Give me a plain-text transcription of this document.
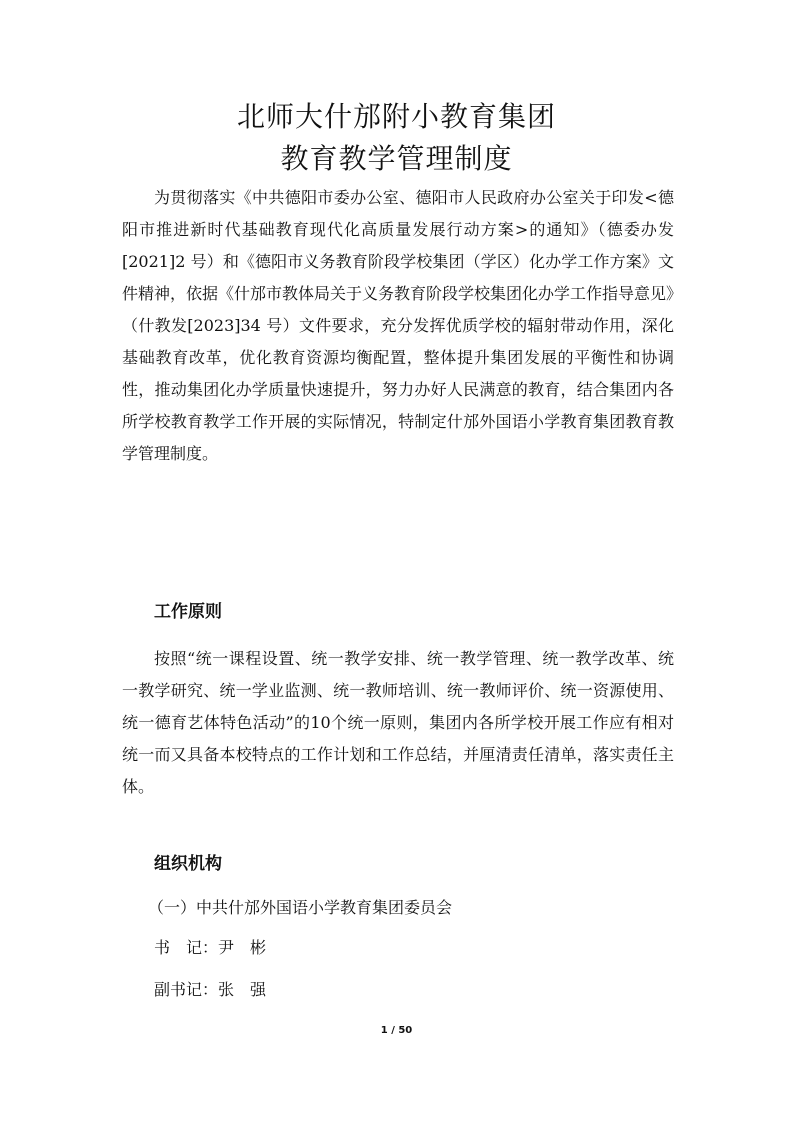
北师大什邡附小教育集团
教育教学管理制度

为贯彻落实《中共德阳市委办公室、德阳市人民政府办公室关于印发<德阳市推进新时代基础教育现代化高质量发展行动方案>的通知》（德委办发[2021]2 号）和《德阳市义务教育阶段学校集团（学区）化办学工作方案》文件精神，依据《什邡市教体局关于义务教育阶段学校集团化办学工作指导意见》（什教发[2023]34 号）文件要求，充分发挥优质学校的辐射带动作用，深化基础教育改革，优化教育资源均衡配置，整体提升集团发展的平衡性和协调性，推动集团化办学质量快速提升，努力办好人民满意的教育，结合集团内各所学校教育教学工作开展的实际情况，特制定什邡外国语小学教育集团教育教学管理制度。

工作原则

按照“统一课程设置、统一教学安排、统一教学管理、统一教学改革、统一教学研究、统一学业监测、统一教师培训、统一教师评价、统一资源使用、统一德育艺体特色活动”的10个统一原则，集团内各所学校开展工作应有相对统一而又具备本校特点的工作计划和工作总结，并厘清责任清单，落实责任主体。

组织机构
（一）中共什邡外国语小学教育集团委员会
书　记：尹　彬
副书记：张　强
1 / 50
